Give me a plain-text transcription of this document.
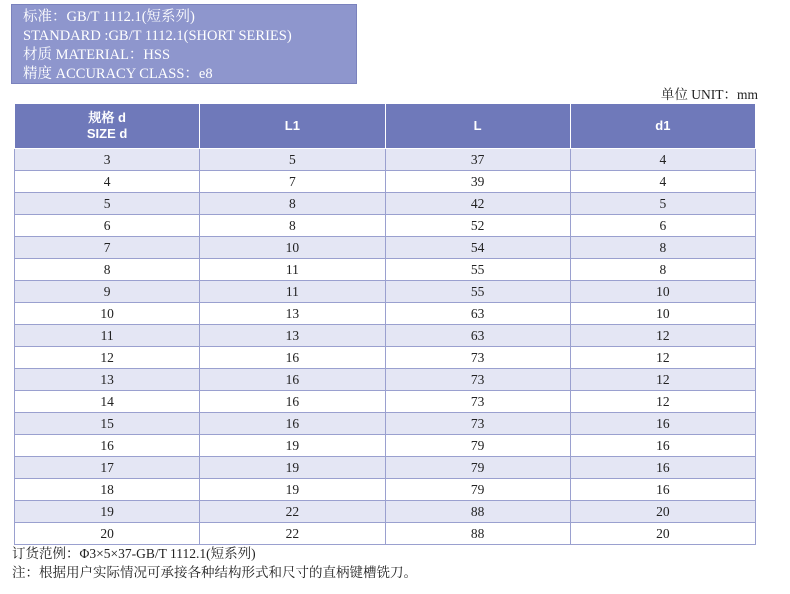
标准：GB/T 1112.1(短系列)
STANDARD :GB/T 1112.1(SHORT SERIES)
材质 MATERIAL：HSS
精度 ACCURACY CLASS：e8
单位 UNIT：mm
规格 d
SIZE d	L1	L	d1
3	5	37	4
4	7	39	4
5	8	42	5
6	8	52	6
7	10	54	8
8	11	55	8
9	11	55	10
10	13	63	10
11	13	63	12
12	16	73	12
13	16	73	12
14	16	73	12
15	16	73	16
16	19	79	16
17	19	79	16
18	19	79	16
19	22	88	20
20	22	88	20
订货范例：Φ3×5×37-GB/T 1112.1(短系列)
注：根据用户实际情况可承接各种结构形式和尺寸的直柄键槽铣刀。
